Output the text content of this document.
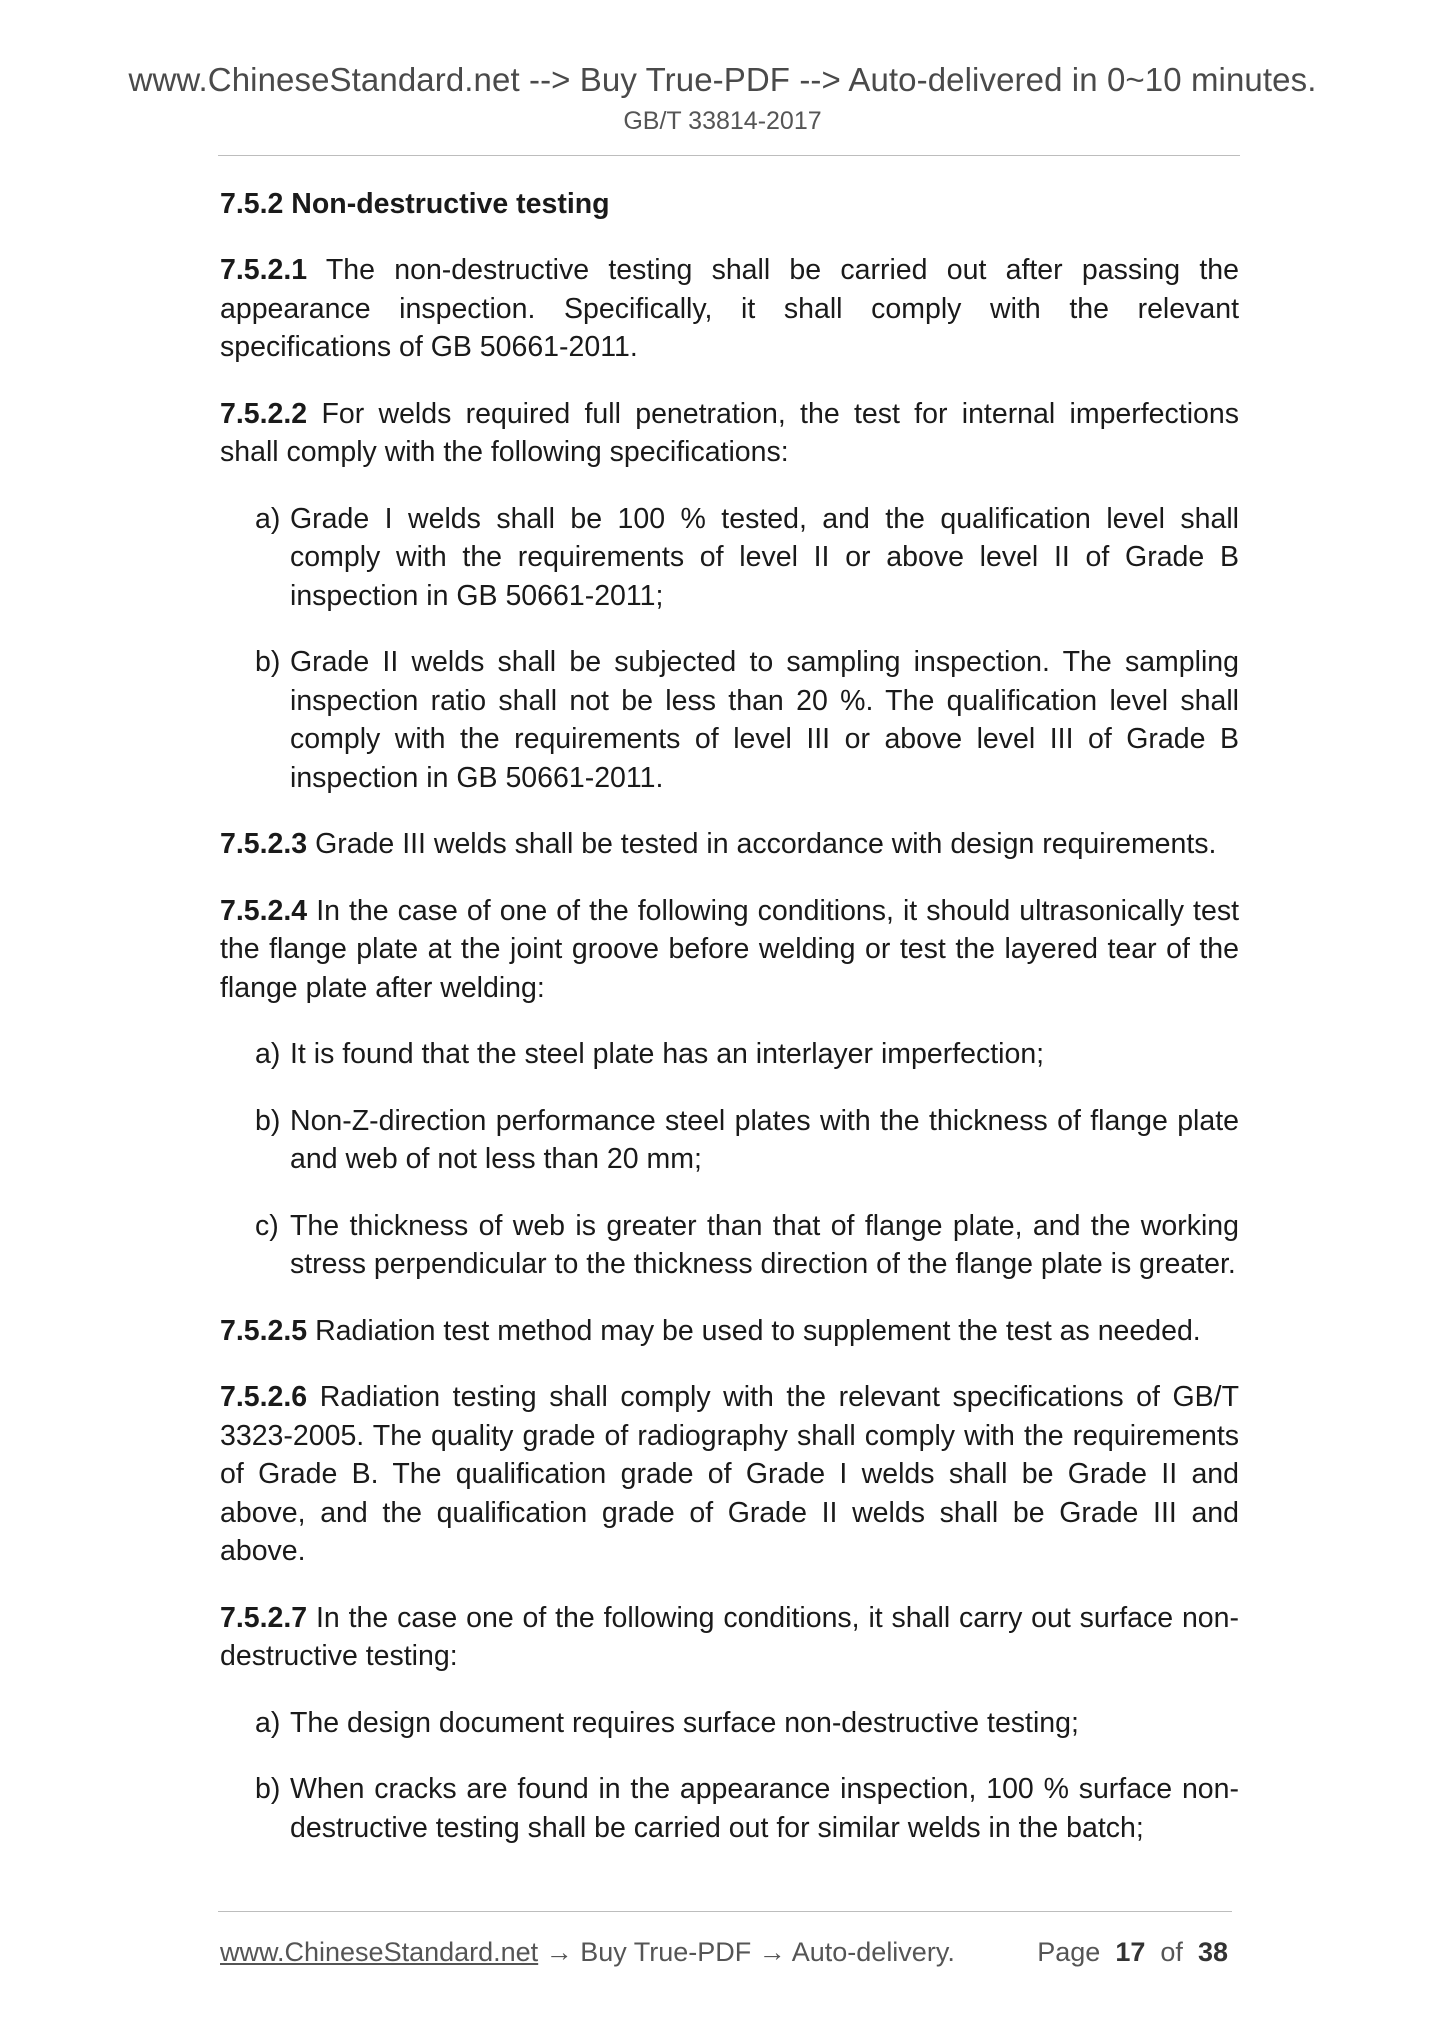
www.ChineseStandard.net --> Buy True-PDF --> Auto-delivered in 0~10 minutes.
GB/T 33814-2017
7.5.2 Non-destructive testing

7.5.2.1 The non-destructive testing shall be carried out after passing the appearance inspection. Specifically, it shall comply with the relevant specifications of GB 50661-2011.

7.5.2.2 For welds required full penetration, the test for internal imperfections shall comply with the following specifications:

a) Grade I welds shall be 100 % tested, and the qualification level shall comply with the requirements of level II or above level II of Grade B inspection in GB 50661-2011;
b) Grade II welds shall be subjected to sampling inspection. The sampling inspection ratio shall not be less than 20 %. The qualification level shall comply with the requirements of level III or above level III of Grade B inspection in GB 50661-2011.

7.5.2.3 Grade III welds shall be tested in accordance with design requirements.

7.5.2.4 In the case of one of the following conditions, it should ultrasonically test the flange plate at the joint groove before welding or test the layered tear of the flange plate after welding:

a) It is found that the steel plate has an interlayer imperfection;
b) Non-Z-direction performance steel plates with the thickness of flange plate and web of not less than 20 mm;
c) The thickness of web is greater than that of flange plate, and the working stress perpendicular to the thickness direction of the flange plate is greater.

7.5.2.5 Radiation test method may be used to supplement the test as needed.

7.5.2.6 Radiation testing shall comply with the relevant specifications of GB/T 3323-2005. The quality grade of radiography shall comply with the requirements of Grade B. The qualification grade of Grade I welds shall be Grade II and above, and the qualification grade of Grade II welds shall be Grade III and above.

7.5.2.7 In the case one of the following conditions, it shall carry out surface non-destructive testing:

a) The design document requires surface non-destructive testing;
b) When cracks are found in the appearance inspection, 100 % surface non-destructive testing shall be carried out for similar welds in the batch;
www.ChineseStandard.net → Buy True-PDF → Auto-delivery.	Page 17 of 38
